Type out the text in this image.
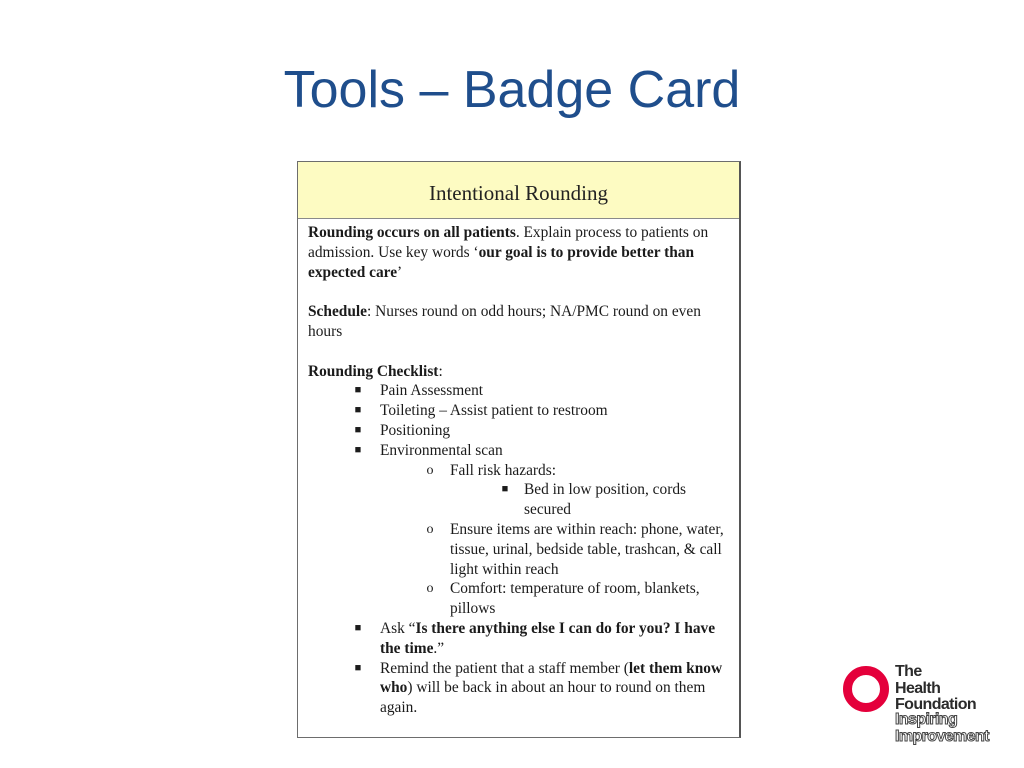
Tools – Badge Card
Intentional Rounding

Rounding occurs on all patients. Explain process to patients on admission. Use key words ‘our goal is to provide better than expected care’

Schedule: Nurses round on odd hours; NA/PMC round on even hours

Rounding Checklist:

■	Pain Assessment
■	Toileting – Assist patient to restroom
■	Positioning
■	Environmental scan
o	Fall risk hazards:
■	Bed in low position, cords secured
o	Ensure items are within reach: phone, water, tissue, urinal, bedside table, trashcan, & call light within reach
o	Comfort: temperature of room, blankets, pillows
■	Ask “Is there anything else I can do for you? I have the time.”
■	Remind the patient that a staff member (let them know who) will be back in about an hour to round on them again.
The
Health
Foundation
Inspiring
Improvement
